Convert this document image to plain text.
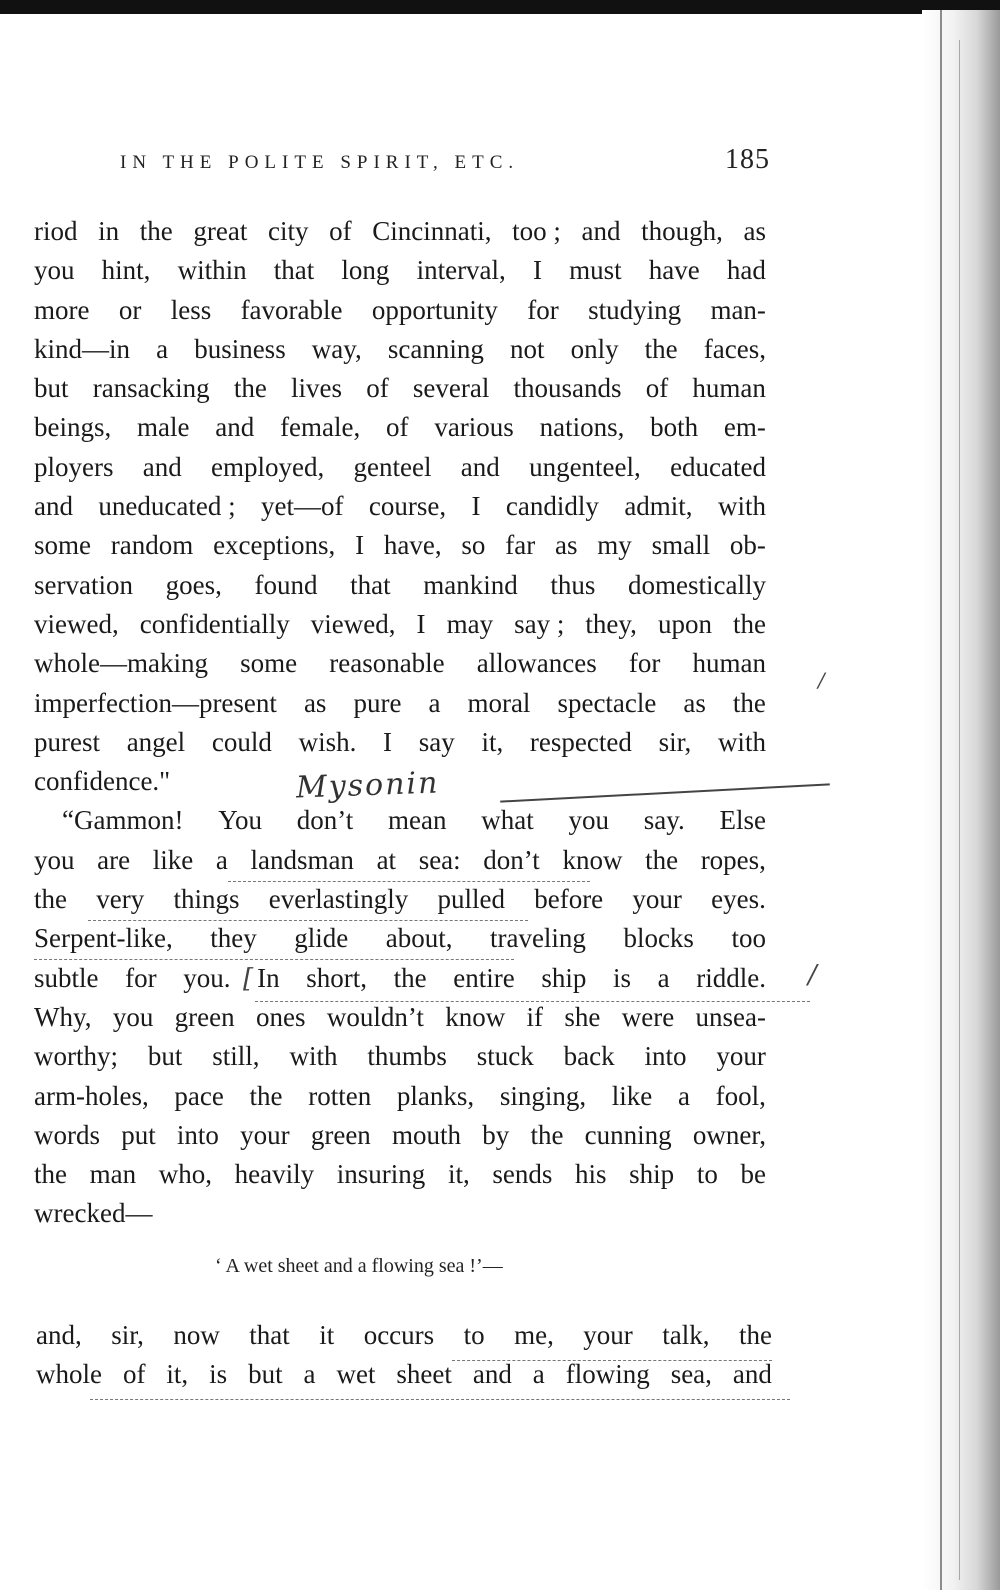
IN THE POLITE SPIRIT, ETC.	185
riod in the great city of Cincinnati, too ; and though, as
you hint, within that long interval, I must have had
more or less favorable opportunity for studying man-
kind—in a business way, scanning not only the faces,
but ransacking the lives of several thousands of human
beings, male and female, of various nations, both em-
ployers and employed, genteel and ungenteel, educated
and uneducated ; yet—of course, I candidly admit, with
some random exceptions, I have, so far as my small ob-
servation goes, found that mankind thus domestically
viewed, confidentially viewed, I may say ; they, upon the
whole—making some reasonable allowances for human
imperfection—present as pure a moral spectacle as the
purest angel could wish. I say it, respected sir, with
confidence."
“Gammon! You don’t mean what you say. Else
you are like a landsman at sea: don’t know the ropes,
the very things everlastingly pulled before your eyes.
Serpent-like, they glide about, traveling blocks too
subtle for you. In short, the entire ship is a riddle.
Why, you green ones wouldn’t know if she were unsea-
worthy; but still, with thumbs stuck back into your
arm-holes, pace the rotten planks, singing, like a fool,
words put into your green mouth by the cunning owner,
the man who, heavily insuring it, sends his ship to be
wrecked—
‘ A wet sheet and a flowing sea !’—
and, sir, now that it occurs to me, your talk, the
whole of it, is but a wet sheet and a flowing sea, and
Mysonin
[	/
/
